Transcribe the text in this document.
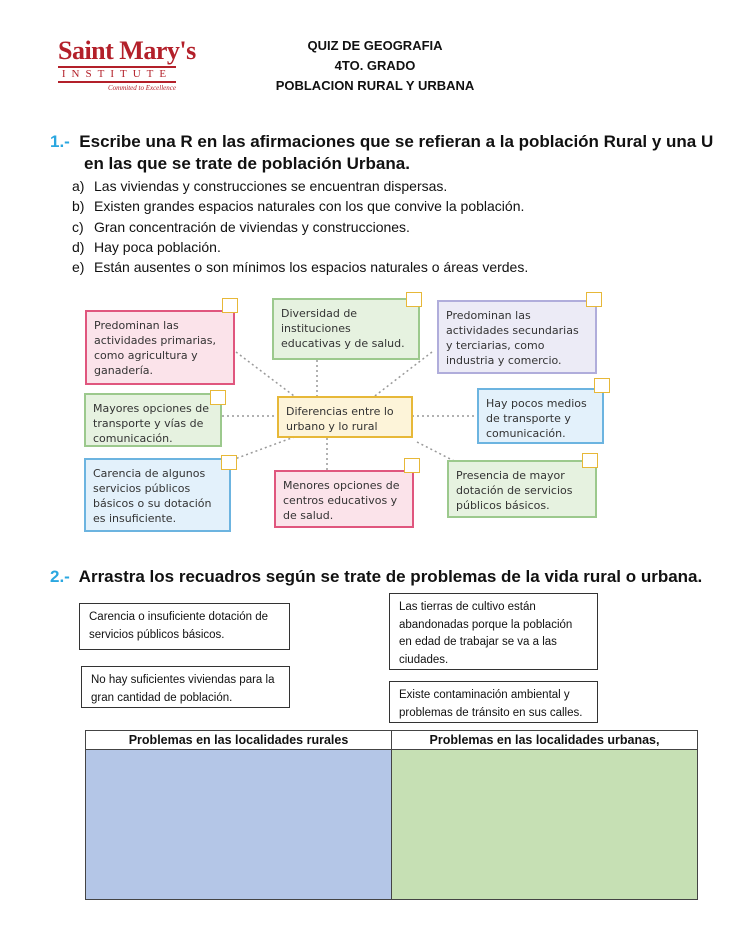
Saint Mary's
INSTITUTE
Commited to Excellence
QUIZ DE GEOGRAFIA
4TO. GRADO
POBLACION RURAL Y URBANA
1.- Escribe una R en las afirmaciones que se refieran a la población Rural y una U
en las que se trate de población Urbana.
a) Las viviendas y construcciones se encuentran dispersas.
b) Existen grandes espacios naturales con los que convive la población.
c) Gran concentración de viviendas y construcciones.
d) Hay poca población.
e) Están ausentes o son mínimos los espacios naturales o áreas verdes.
Predominan las actividades primarias, como agricultura y ganadería.
Diversidad de instituciones educativas y de salud.
Predominan las actividades secundarias y terciarias, como industria y comercio.
Mayores opciones de transporte y vías de comunicación.
Diferencias entre lo urbano y lo rural
Hay pocos medios de transporte y comunicación.
Carencia de algunos servicios públicos básicos o su dotación es insuficiente.
Menores opciones de centros educativos y de salud.
Presencia de mayor dotación de servicios públicos básicos.
2.- Arrastra los recuadros según se trate de problemas de la vida rural o urbana.
Carencia o insuficiente dotación de servicios públicos básicos.
Las tierras de cultivo están abandonadas porque la población en edad de trabajar se va a las ciudades.
No hay suficientes viviendas para la gran cantidad de población.	Existe contaminación ambiental y problemas de tránsito en sus calles.
Problemas en las localidades rurales	Problemas en las localidades urbanas,
